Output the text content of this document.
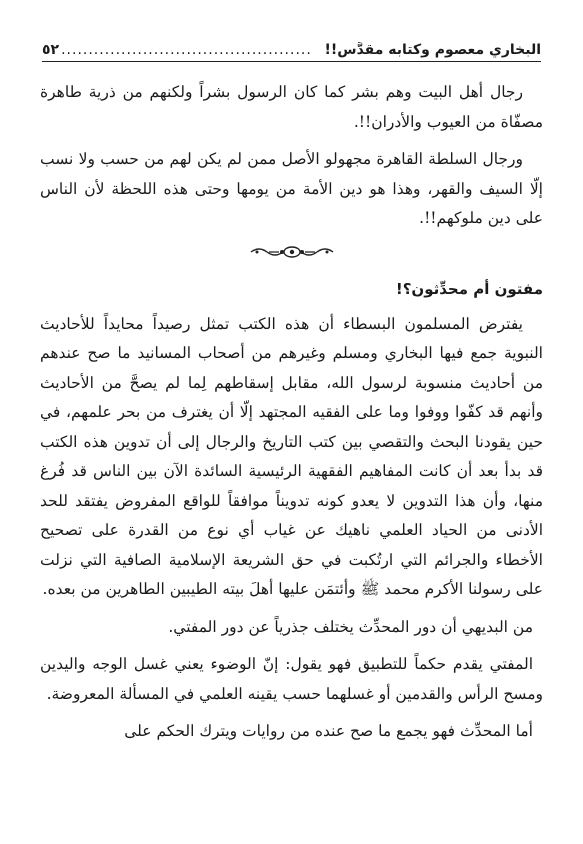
البخاري معصوم وكتابه مقدَّس!!
..............................................
٥٢

رجال أهل البيت وهم بشر كما كان الرسول بشراً ولكنهم من ذرية طاهرة مصفّاة من العيوب والأدران!!.

ورجال السلطة القاهرة مجهولو الأصل ممن لم يكن لهم من حسب ولا نسب إلّا السيف والقهر، وهذا هو دين الأمة من يومها وحتى هذه اللحظة لأن الناس على دين ملوكهم!!.

مفتون أم محدِّثون؟!

يفترض المسلمون البسطاء أن هذه الكتب تمثل رصيداً محايداً للأحاديث النبوية جمع فيها البخاري ومسلم وغيرهم من أصحاب المسانيد ما صح عندهم من أحاديث منسوبة لرسول الله، مقابل إسقاطهم لِما لم يصحَّ من الأحاديث وأنهم قد كفّوا ووفوا وما على الفقيه المجتهد إلّا أن يغترف من بحر علمهم، في حين يقودنا البحث والتقصي بين كتب التاريخ والرجال إلى أن تدوين هذه الكتب قد بدأ بعد أن كانت المفاهيم الفقهية الرئيسية السائدة الآن بين الناس قد فُرغ منها، وأن هذا التدوين لا يعدو كونه تدويناً موافقاً للواقع المفروض يفتقد للحد الأدنى من الحياد العلمي ناهيك عن غياب أي نوع من القدرة على تصحيح الأخطاء والجرائم التي ارتُكبت في حق الشريعة الإسلامية الصافية التي نزلت على رسولنا الأكرم محمد ﷺ وأئتمَن عليها أهلَ بيته الطيبين الطاهرين من بعده.

من البديهي أن دور المحدِّث يختلف جذرياً عن دور المفتي.

المفتي يقدم حكماً للتطبيق فهو يقول: إنّ الوضوء يعني غسل الوجه واليدين ومسح الرأس والقدمين أو غسلهما حسب يقينه العلمي في المسألة المعروضة.

أما المحدِّث فهو يجمع ما صح عنده من روايات ويترك الحكم على
